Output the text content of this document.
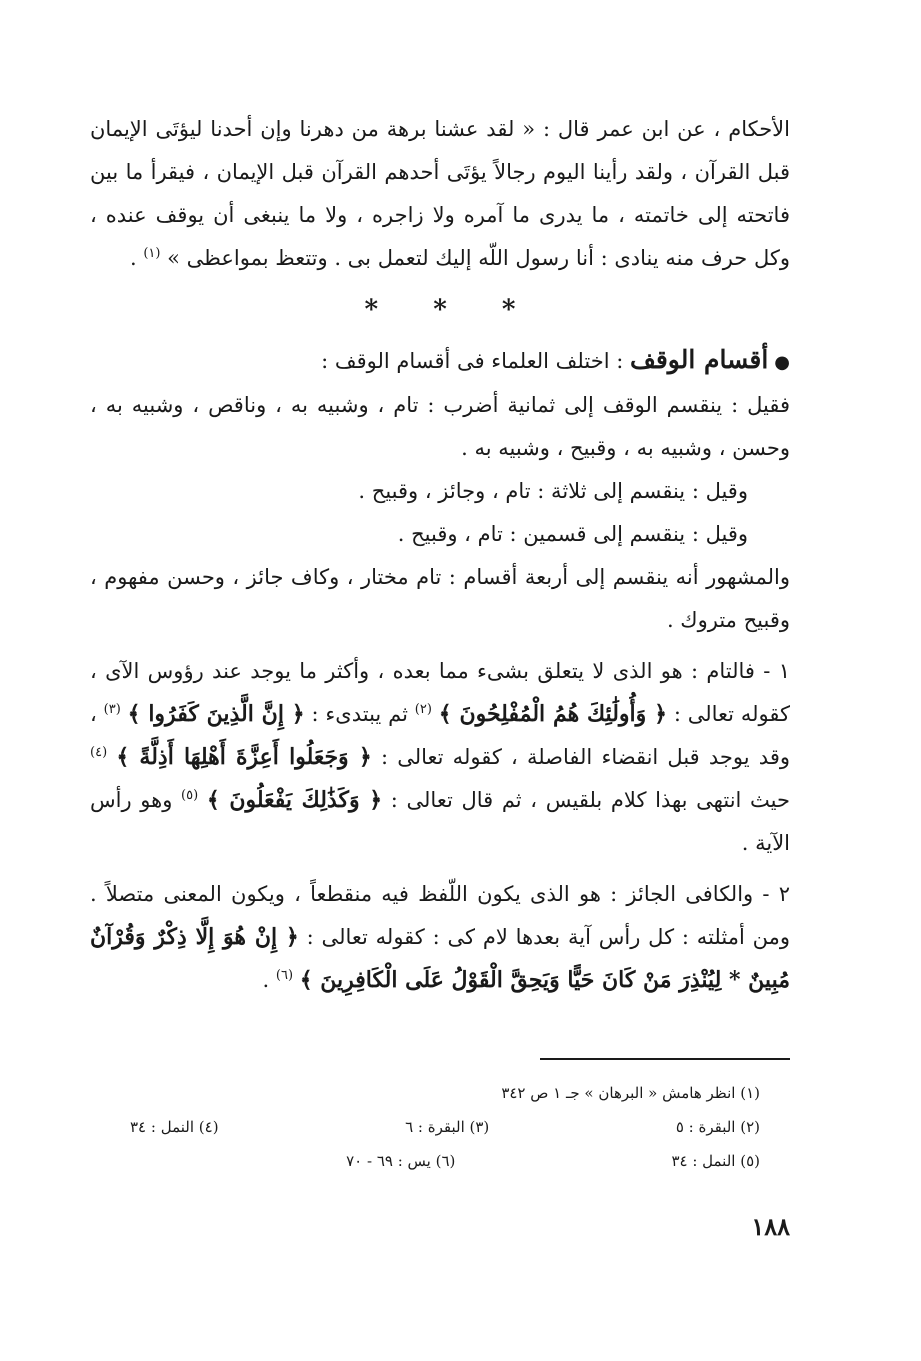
الأحكام ، عن ابن عمر قال : « لقد عشنا برهة من دهرنا وإن أحدنا ليؤتَى الإيمان قبل القرآن ، ولقد رأينا اليوم رجالاً يؤتَى أحدهم القرآن قبل الإيمان ، فيقرأ ما بين فاتحته إلى خاتمته ، ما يدرى ما آمره ولا زاجره ، ولا ما ينبغى أن يوقف عنده ، وكل حرف منه ينادى : أنا رسول اللّه إليك لتعمل بى . وتتعظ بمواعظى » $^{(١)}$ .

* * *

●أقسام الوقف : اختلف العلماء فى أقسام الوقف :

فقيل : ينقسم الوقف إلى ثمانية أضرب : تام ، وشبيه به ، وناقص ، وشبيه به ، وحسن ، وشبيه به ، وقبيح ، وشبيه به .

وقيل : ينقسم إلى ثلاثة : تام ، وجائز ، وقبيح .

وقيل : ينقسم إلى قسمين : تام ، وقبيح .

والمشهور أنه ينقسم إلى أربعة أقسام : تام مختار ، وكاف جائز ، وحسن مفهوم ، وقبيح متروك .

١ - فالتام : هو الذى لا يتعلق بشىء مما بعده ، وأكثر ما يوجد عند رؤوس الآى ، كقوله تعالى : ﴿ وَأُولَٰئِكَ هُمُ الْمُفْلِحُونَ ﴾ $^{(٢)}$ ثم يبتدىء : ﴿ إِنَّ الَّذِينَ كَفَرُوا ﴾ $^{(٣)}$ ، وقد يوجد قبل انقضاء الفاصلة ، كقوله تعالى : ﴿ وَجَعَلُوا أَعِزَّةَ أَهْلِهَا أَذِلَّةً ﴾ $^{(٤)}$ حيث انتهى بهذا كلام بلقيس ، ثم قال تعالى : ﴿ وَكَذَٰلِكَ يَفْعَلُونَ ﴾ $^{(٥)}$ وهو رأس الآية .

٢ - والكافى الجائز : هو الذى يكون اللّفظ فيه منقطعاً ، ويكون المعنى متصلاً . ومن أمثلته : كل رأس آية بعدها لام كى : كقوله تعالى : ﴿ إِنْ هُوَ إِلَّا ذِكْرٌ وَقُرْآنٌ مُبِينٌ * لِيُنْذِرَ مَنْ كَانَ حَيًّا وَيَحِقَّ الْقَوْلُ عَلَى الْكَافِرِينَ ﴾ $^{(٦)}$ .

(١) انظر هامش « البرهان » جـ ١ ص ٣٤٢
(٢) البقرة : ٥
(٣) البقرة : ٦
(٤) النمل : ٣٤
(٥) النمل : ٣٤
(٦) يس : ٦٩ - ٧٠
١٨٨
